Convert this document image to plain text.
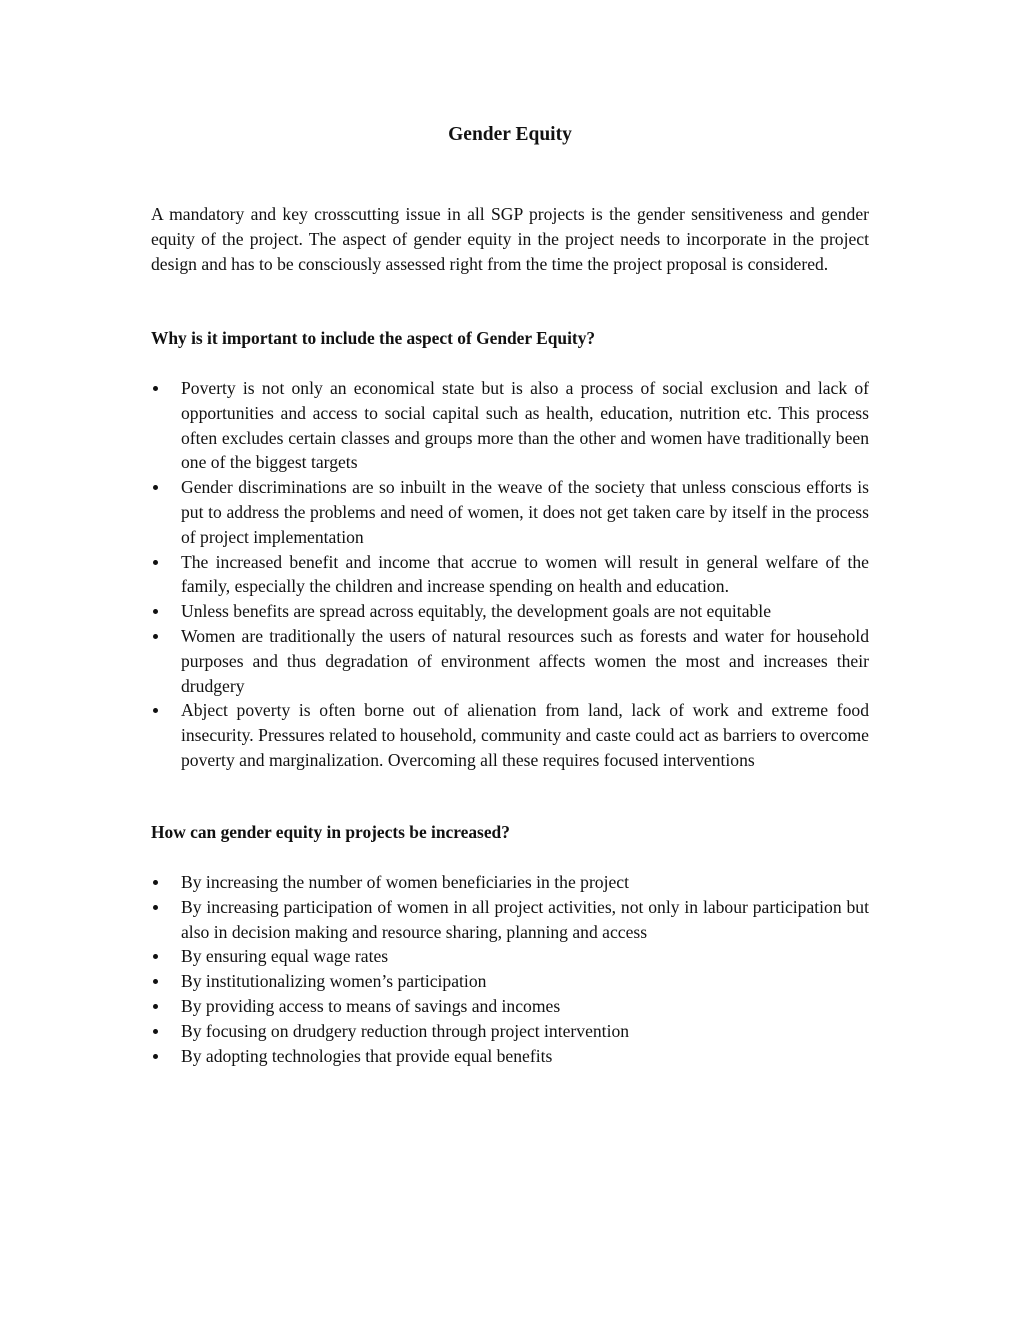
Gender Equity

A mandatory and key crosscutting issue in all SGP projects is the gender sensitiveness and gender equity of the project. The aspect of gender equity in the project needs to incorporate in the project design and has to be consciously assessed right from the time the project proposal is considered.

Why is it important to include the aspect of Gender Equity?
Poverty is not only an economical state but is also a process of social exclusion and lack of opportunities and access to social capital such as health, education, nutrition etc. This process often excludes certain classes and groups more than the other and women have traditionally been one of the biggest targets
Gender discriminations are so inbuilt in the weave of the society that unless conscious efforts is put to address the problems and need of women, it does not get taken care by itself in the process of project implementation
The increased benefit and income that accrue to women will result in general welfare of the family, especially the children and increase spending on health and education.
Unless benefits are spread across equitably, the development goals are not equitable
Women are traditionally the users of natural resources such as forests and water for household purposes and thus degradation of environment affects women the most and increases their drudgery
Abject poverty is often borne out of alienation from land, lack of work and extreme food insecurity. Pressures related to household, community and caste could act as barriers to overcome poverty and marginalization. Overcoming all these requires focused interventions
How can gender equity in projects be increased?
By increasing the number of women beneficiaries in the project
By increasing participation of women in all project activities, not only in labour participation but also in decision making and resource sharing, planning and access
By ensuring equal wage rates
By institutionalizing women’s participation
By providing access to means of savings and incomes
By focusing on drudgery reduction through project intervention
By adopting technologies that provide equal benefits
